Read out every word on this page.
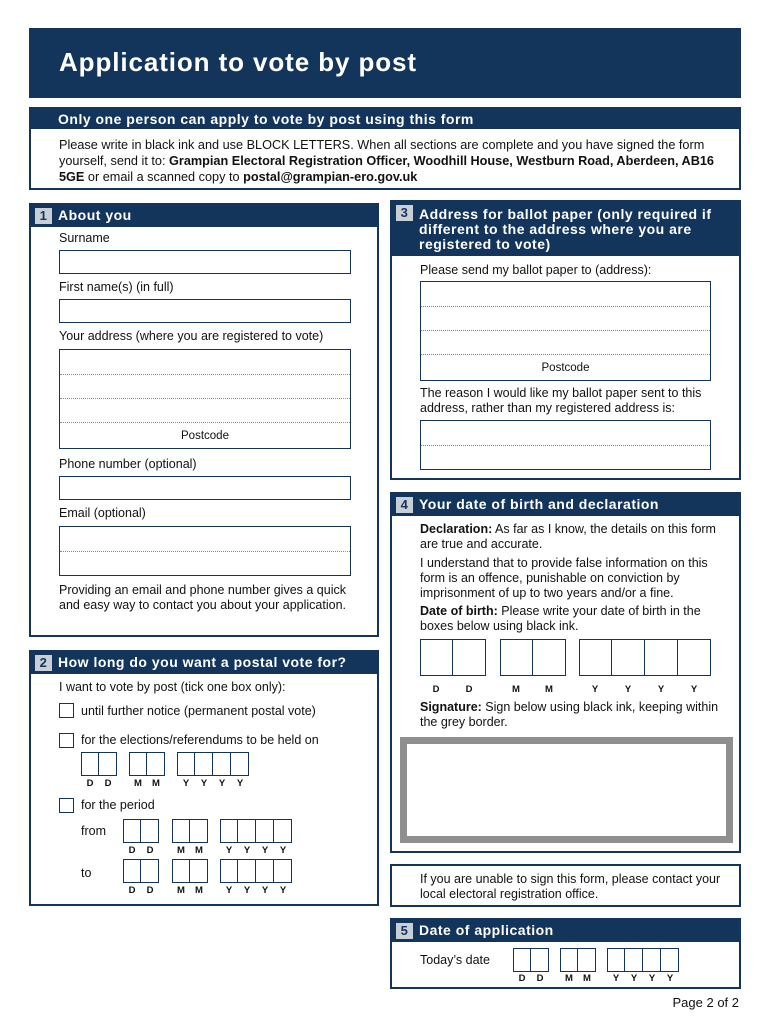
Application to vote by post
Only one person can apply to vote by post using this form

Please write in black ink and use BLOCK LETTERS. When all sections are complete and you have signed the form yourself, send it to: Grampian Electoral Registration Officer, Woodhill House, Westburn Road, Aberdeen, AB16 5GE or email a scanned copy to postal@grampian-ero.gov.uk

1 About you
Surname
First name(s) (in full)
Your address (where you are registered to vote)
Postcode
Phone number (optional)
Email (optional)
Providing an email and phone number gives a quick and easy way to contact you about your application.
2 How long do you want a postal vote for?
I want to vote by post (tick one box only):
until further notice (permanent postal vote)
for the elections/referendums to be held on
D	D	M	M	Y	Y	Y	Y
for the period
from
D	D	M	M	Y	Y	Y	Y
to
D	D	M	M	Y	Y	Y	Y
3 Address for ballot paper (only required if different to the address where you are registered to vote)
Please send my ballot paper to (address):
Postcode
The reason I would like my ballot paper sent to this address, rather than my registered address is:
4 Your date of birth and declaration
Declaration: As far as I know, the details on this form are true and accurate.
I understand that to provide false information on this form is an offence, punishable on conviction by imprisonment of up to two years and/or a fine.
Date of birth: Please write your date of birth in the boxes below using black ink.
D	D	M	M	Y	Y	Y	Y
Signature: Sign below using black ink, keeping within the grey border.
If you are unable to sign this form, please contact your local electoral registration office.
5 Date of application
Today’s date
D	D	M	M	Y	Y	Y	Y
Page 2 of 2
